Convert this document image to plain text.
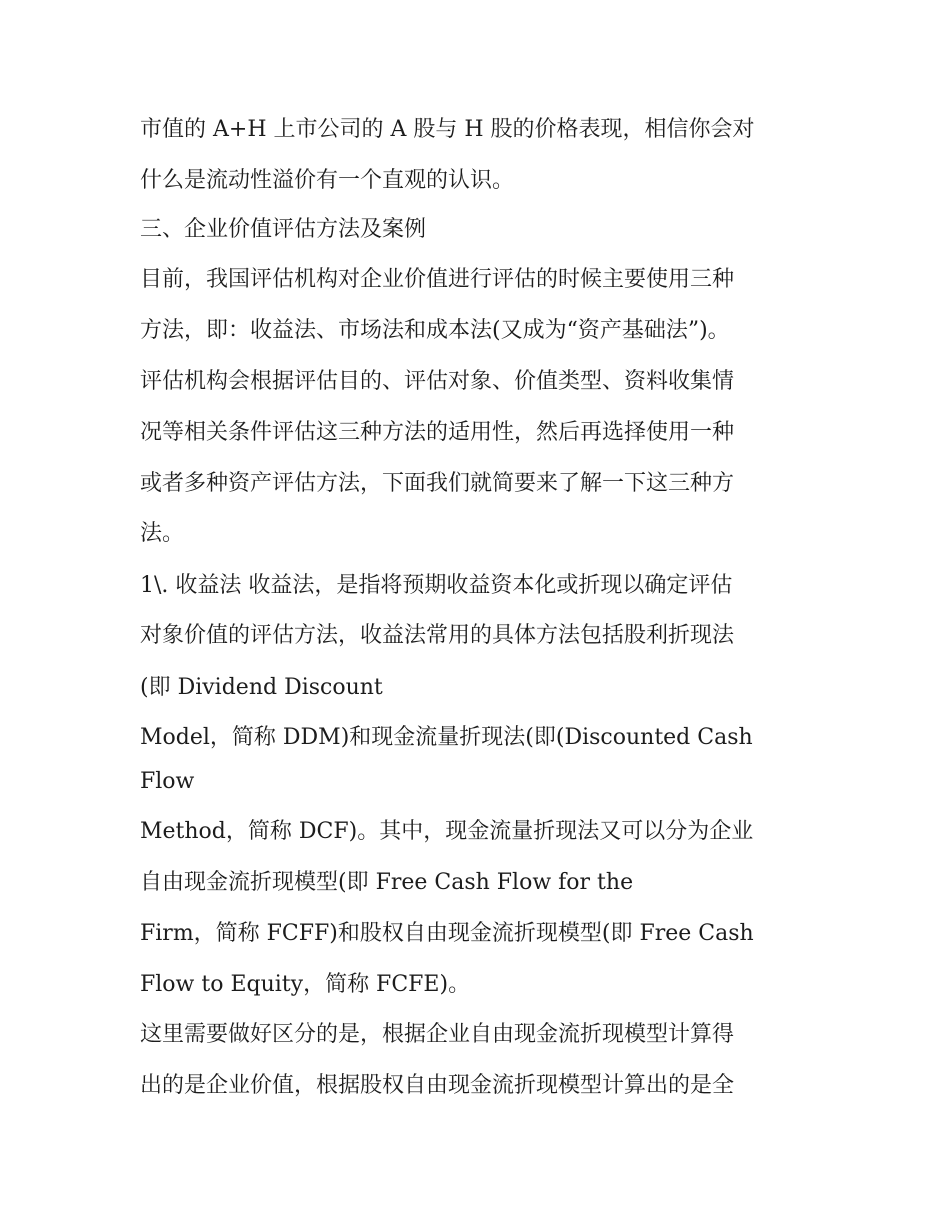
市值的 A+H 上市公司的 A 股与 H 股的价格表现，相信你会对

什么是流动性溢价有一个直观的认识。

三、企业价值评估方法及案例

目前，我国评估机构对企业价值进行评估的时候主要使用三种

方法，即：收益法、市场法和成本法(又成为“资产基础法”)。

评估机构会根据评估目的、评估对象、价值类型、资料收集情

况等相关条件评估这三种方法的适用性，然后再选择使用一种

或者多种资产评估方法，下面我们就简要来了解一下这三种方

法。

1\. 收益法 收益法，是指将预期收益资本化或折现以确定评估

对象价值的评估方法，收益法常用的具体方法包括股利折现法

(即 Dividend Discount

Model，简称 DDM)和现金流量折现法(即(Discounted Cash

Flow

Method，简称 DCF)。其中，现金流量折现法又可以分为企业

自由现金流折现模型(即 Free Cash Flow for the

Firm，简称 FCFF)和股权自由现金流折现模型(即 Free Cash

Flow to Equity，简称 FCFE)。

这里需要做好区分的是，根据企业自由现金流折现模型计算得

出的是企业价值，根据股权自由现金流折现模型计算出的是全
